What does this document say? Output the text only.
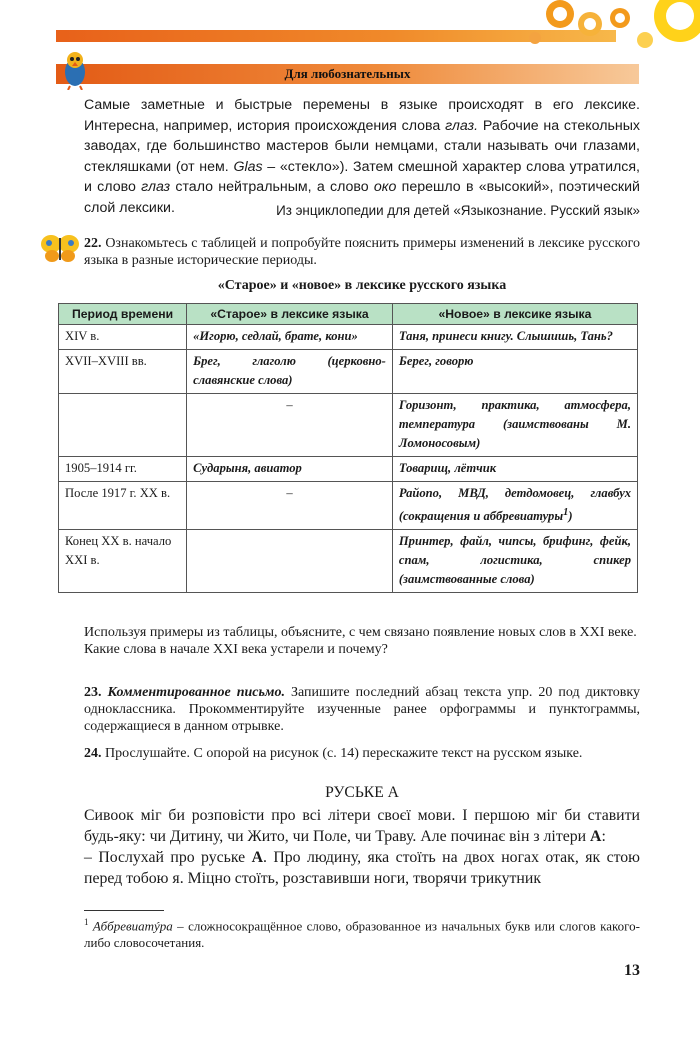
Для любознательных
Самые заметные и быстрые перемены в языке происходят в его лексике. Интересна, например, история происхождения слова глаз. Рабочие на стекольных заводах, где большинство мастеров были немцами, стали называть очи глазами, стекляшками (от нем. Glas – «стекло»). Затем смешной характер слова утратился, и слово глаз стало нейтральным, а слово око перешло в «высокий», поэтический слой лексики.	Из энциклопедии для детей «Языкознание. Русский язык»
22. Ознакомьтесь с таблицей и попробуйте пояснить примеры изменений в лексике русского языка в разные исторические периоды.
«Старое» и «новое» в лексике русского языка
Период времени	«Старое» в лексике языка	«Новое» в лексике языка
XIV в.	«Игорю, седлай, брате, кони»	Таня, принеси книгу. Слышишь, Тань?
XVII–XVIII вв.	Брег, глаголю (церковно-славянские слова)	Берег, говорю
	–	Горизонт, практика, атмосфера, температура (заимствованы М. Ломоносовым)
1905–1914 гг.	Сударыня, авиатор	Товарищ, лётчик
После 1917 г. XX в.	–	Райono, МВД, детдомовец, главбух (сокращения и аббревиатуры$^1$)
Конец XX в. начало XXI в.		Принтер, файл, чипсы, брифинг, фейк, спам, логистика, спикер (заимствованные слова)
Используя примеры из таблицы, объясните, с чем связано появление новых слов в XXI веке.
Какие слова в начале XXI века устарели и почему?
23. Комментированное письмо. Запишите последний абзац текста упр. 20 под диктовку одноклассника. Прокомментируйте изученные ранее орфограммы и пунктограммы, содержащиеся в данном отрывке.
24. Прослушайте. С опорой на рисунок (с. 14) перескажите текст на русском языке.
РУСЬКЕ А
Сивоок міг би розповісти про всі літери своєї мови. І першою міг би ставити будь-яку: чи Дитину, чи Жито, чи Поле, чи Траву. Але починає він з літери А:
– Послухай про руське А. Про людину, яка стоїть на двох ногах отак, як стою перед тобою я. Міцно стоїть, розставивши ноги, творячи трикутник
$^1$ Аббревиатýра – сложносокращённое слово, образованное из начальных букв или слогов какого-либо словосочетания.
13
